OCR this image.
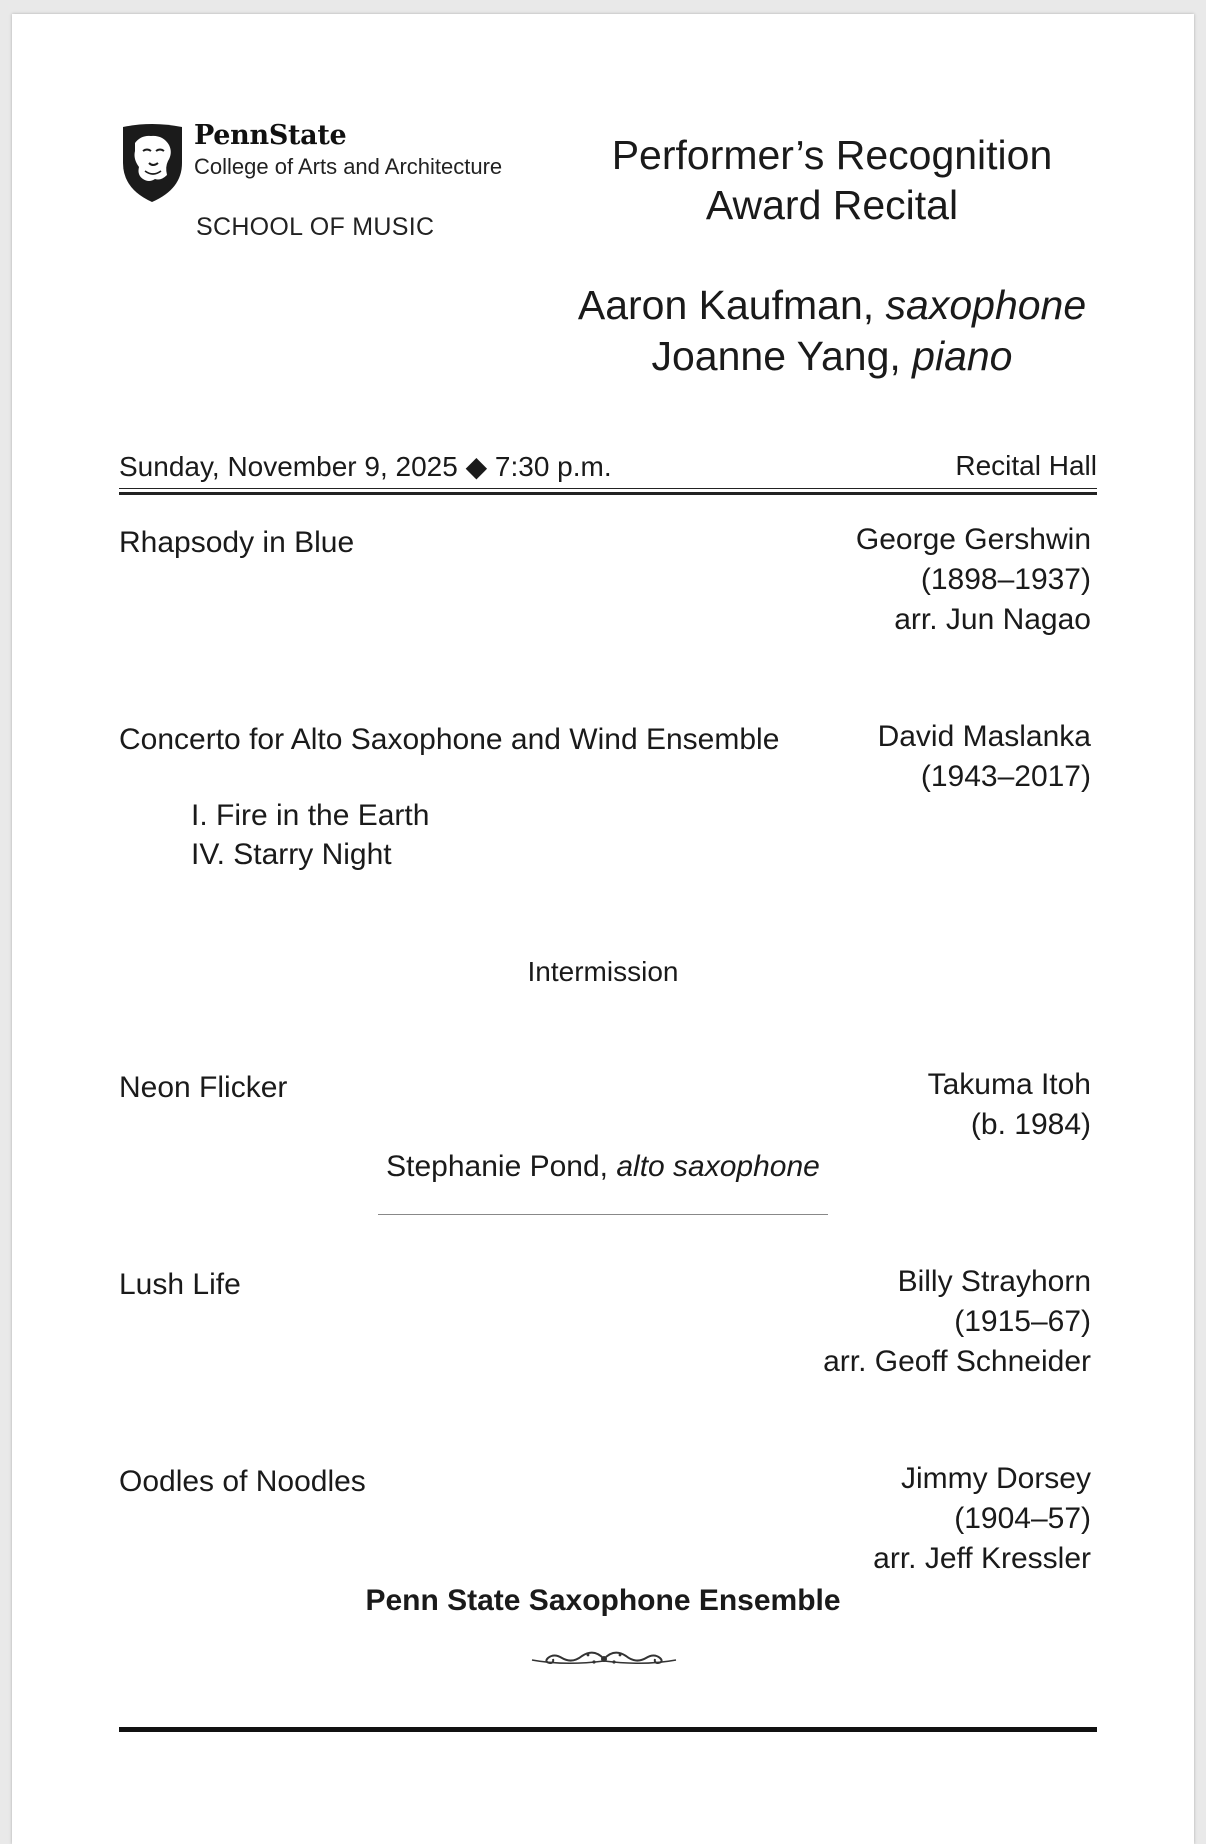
PennState
College of Arts and Architecture
SCHOOL OF MUSIC
Performer’s Recognition
Award Recital
Aaron Kaufman, saxophone
Joanne Yang, piano
Sunday, November 9, 2025 ◆ 7:30 p.m.	Recital Hall
Rhapsody in Blue	George Gershwin
(1898–1937)
arr. Jun Nagao
Concerto for Alto Saxophone and Wind Ensemble	David Maslanka
(1943–2017)
I. Fire in the Earth
IV. Starry Night
Intermission
Neon Flicker	Takuma Itoh
(b. 1984)
Stephanie Pond, alto saxophone
Lush Life	Billy Strayhorn
(1915–67)
arr. Geoff Schneider
Oodles of Noodles	Jimmy Dorsey
(1904–57)
arr. Jeff Kressler
Penn State Saxophone Ensemble
